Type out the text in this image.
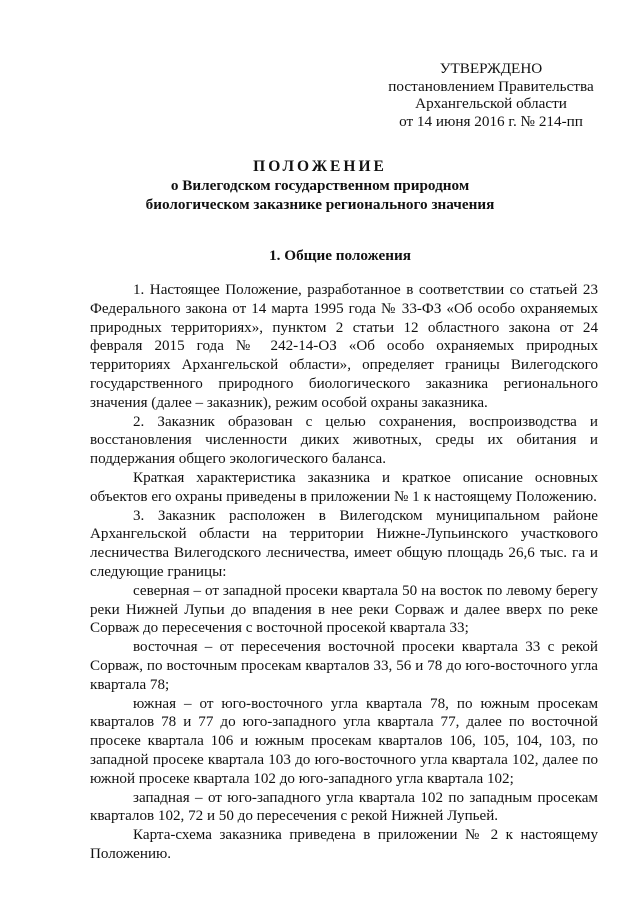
УТВЕРЖДЕНО
постановлением Правительства
Архангельской области
от 14 июня 2016 г. № 214-пп
ПОЛОЖЕНИЕ
о Вилегодском государственном природном
биологическом заказнике регионального значения
1. Общие положения

1. Настоящее Положение, разработанное в соответствии со статьей 23 Федерального закона от 14 марта 1995 года № 33-ФЗ «Об особо охраняемых природных территориях», пунктом 2 статьи 12 областного закона от 24 февраля 2015 года № 242-14-ОЗ «Об особо охраняемых природных территориях Архангельской области», определяет границы Вилегодского государственного природного биологического заказника регионального значения (далее – заказник), режим особой охраны заказника.

2. Заказник образован с целью сохранения, воспроизводства и восстановления численности диких животных, среды их обитания и поддержания общего экологического баланса.

Краткая характеристика заказника и краткое описание основных объектов его охраны приведены в приложении № 1 к настоящему Положению.

3. Заказник расположен в Вилегодском муниципальном районе Архангельской области на территории Нижне-Лупьинского участкового лесничества Вилегодского лесничества, имеет общую площадь 26,6 тыс. га и следующие границы:

северная – от западной просеки квартала 50 на восток по левому берегу реки Нижней Лупьи до впадения в нее реки Сорваж и далее вверх по реке Сорваж до пересечения с восточной просекой квартала 33;

восточная – от пересечения восточной просеки квартала 33 с рекой Сорваж, по восточным просекам кварталов 33, 56 и 78 до юго-восточного угла квартала 78;

южная – от юго-восточного угла квартала 78, по южным просекам кварталов 78 и 77 до юго-западного угла квартала 77, далее по восточной просеке квартала 106 и южным просекам кварталов 106, 105, 104, 103, по западной просеке квартала 103 до юго-восточного угла квартала 102, далее по южной просеке квартала 102 до юго-западного угла квартала 102;

западная – от юго-западного угла квартала 102 по западным просекам кварталов 102, 72 и 50 до пересечения с рекой Нижней Лупьей.

Карта-схема заказника приведена в приложении № 2 к настоящему Положению.
